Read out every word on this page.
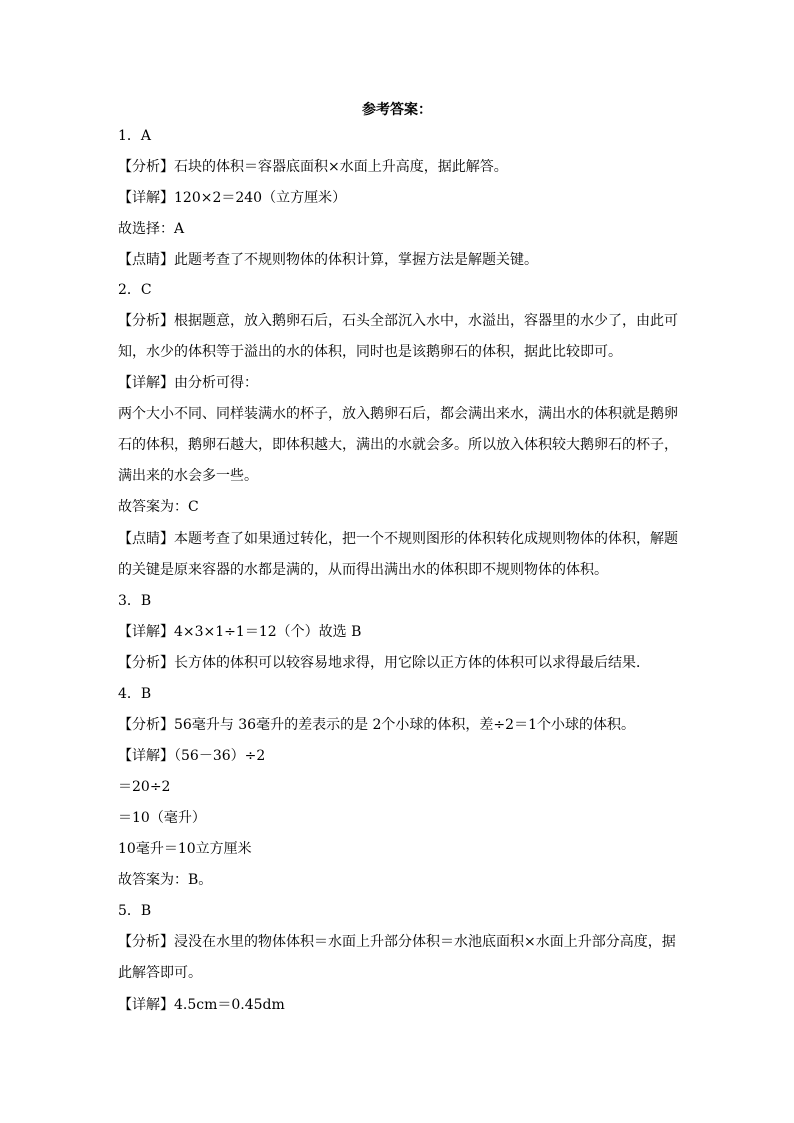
参考答案：
1．A
【分析】石块的体积＝容器底面积×水面上升高度，据此解答。
【详解】120×2＝240（立方厘米）
故选择：A
【点睛】此题考查了不规则物体的体积计算，掌握方法是解题关键。
2．C
【分析】根据题意，放入鹅卵石后，石头全部沉入水中，水溢出，容器里的水少了，由此可
知，水少的体积等于溢出的水的体积，同时也是该鹅卵石的体积，据此比较即可。
【详解】由分析可得：
两个大小不同、同样装满水的杯子，放入鹅卵石后，都会满出来水，满出水的体积就是鹅卵
石的体积，鹅卵石越大，即体积越大，满出的水就会多。所以放入体积较大鹅卵石的杯子，
满出来的水会多一些。
故答案为：C
【点睛】本题考查了如果通过转化，把一个不规则图形的体积转化成规则物体的体积，解题
的关键是原来容器的水都是满的，从而得出满出水的体积即不规则物体的体积。
3．B
【详解】4×3×1÷1＝12（个）故选 B
【分析】长方体的体积可以较容易地求得，用它除以正方体的体积可以求得最后结果．
4．B
【分析】56毫升与 36毫升的差表示的是 2个小球的体积，差÷2＝1个小球的体积。
【详解】（56－36）÷2
＝20÷2
＝10（毫升）
10毫升＝10立方厘米
故答案为：B。
5．B
【分析】浸没在水里的物体体积＝水面上升部分体积＝水池底面积×水面上升部分高度，据
此解答即可。
【详解】4.5cm＝0.45dm
